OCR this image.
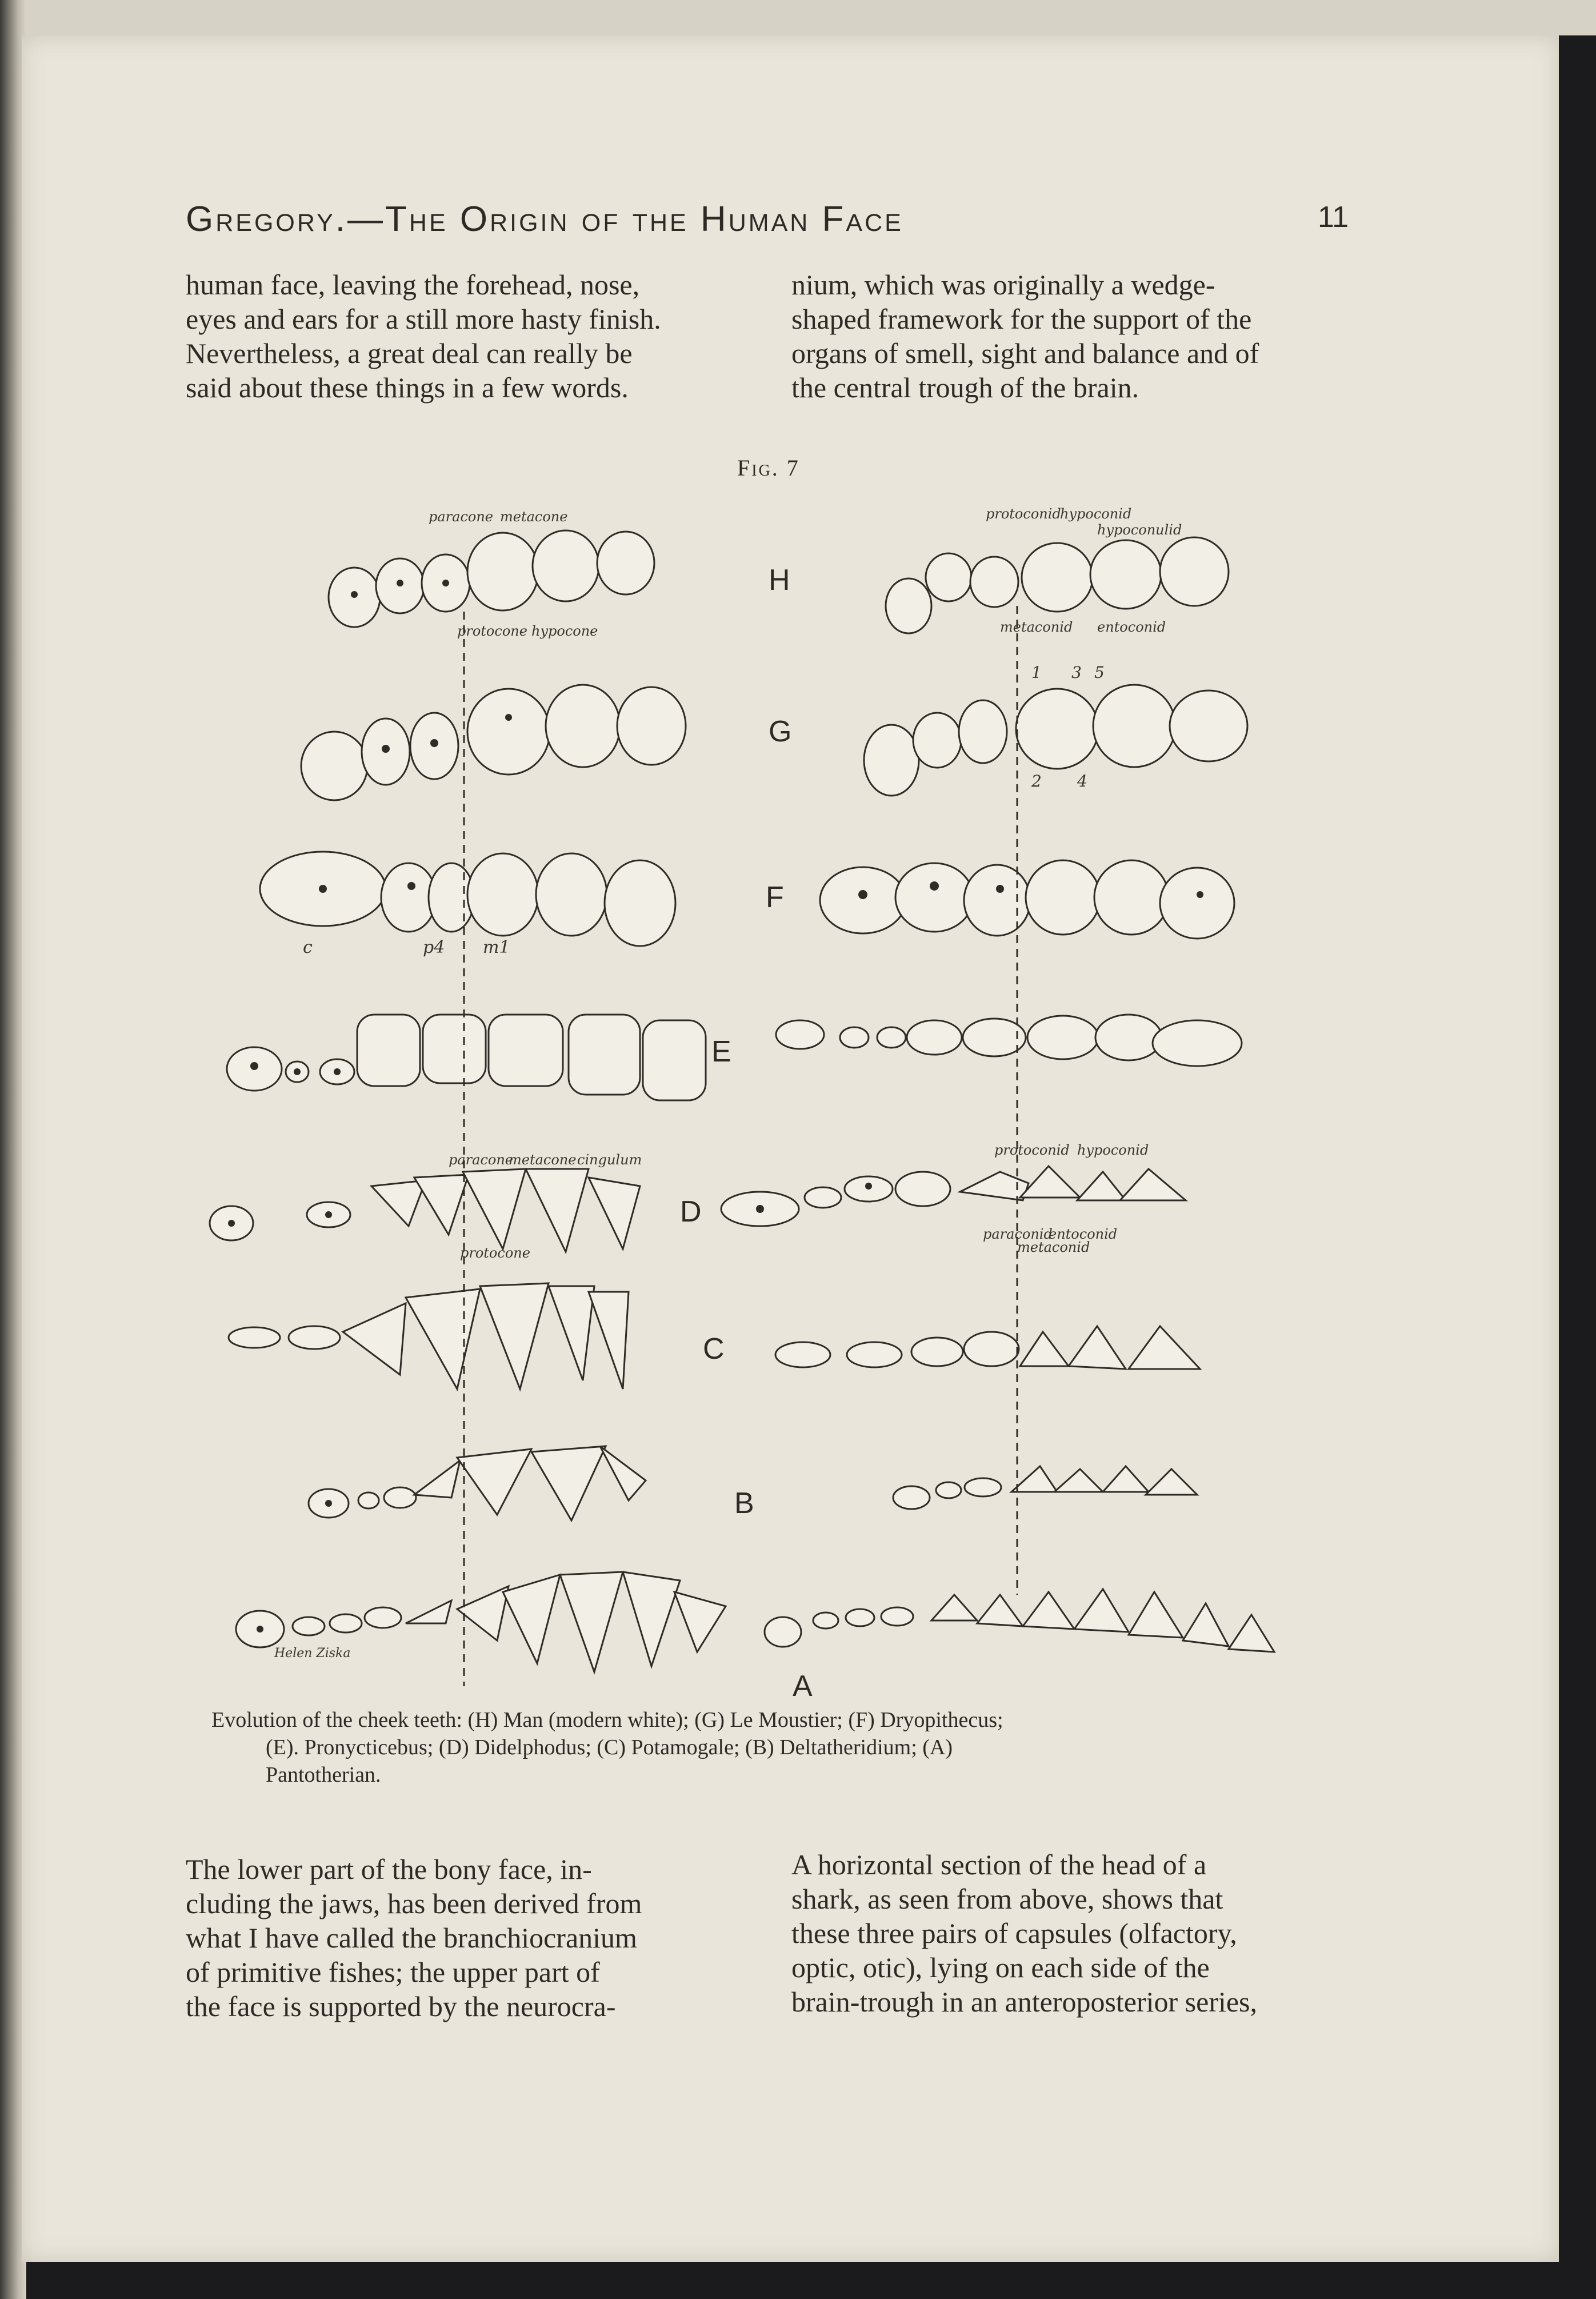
Gregory.—The Origin of the Human Face	11
human face, leaving the forehead, nose,
eyes and ears for a still more hasty finish.
Nevertheless, a great deal can really be
said about these things in a few words.
nium, which was originally a wedge-
shaped framework for the support of the
organs of smell, sight and balance and of
the central trough of the brain.
Fig. 7
H
G
F
E
D
C
B
A
paracone metacone
protocone hypocone
protoconid
hypoconid
hypoconulid
metaconid entoconid
1 3 5
2 4
c	p4 m1
paracone
metacone cingulum
protocone
protoconid hypoconid
paraconid
entoconid
metaconid
Helen Ziska
Evolution of the cheek teeth: (H) Man (modern white); (G) Le Moustier; (F) Dryopithecus;
(E). Pronycticebus; (D) Didelphodus; (C) Potamogale; (B) Deltatheridium; (A)
Pantotherian.
The lower part of the bony face, in-
cluding the jaws, has been derived from
what I have called the branchiocranium
of primitive fishes; the upper part of
the face is supported by the neurocra-
A horizontal section of the head of a
shark, as seen from above, shows that
these three pairs of capsules (olfactory,
optic, otic), lying on each side of the
brain-trough in an anteroposterior series,
